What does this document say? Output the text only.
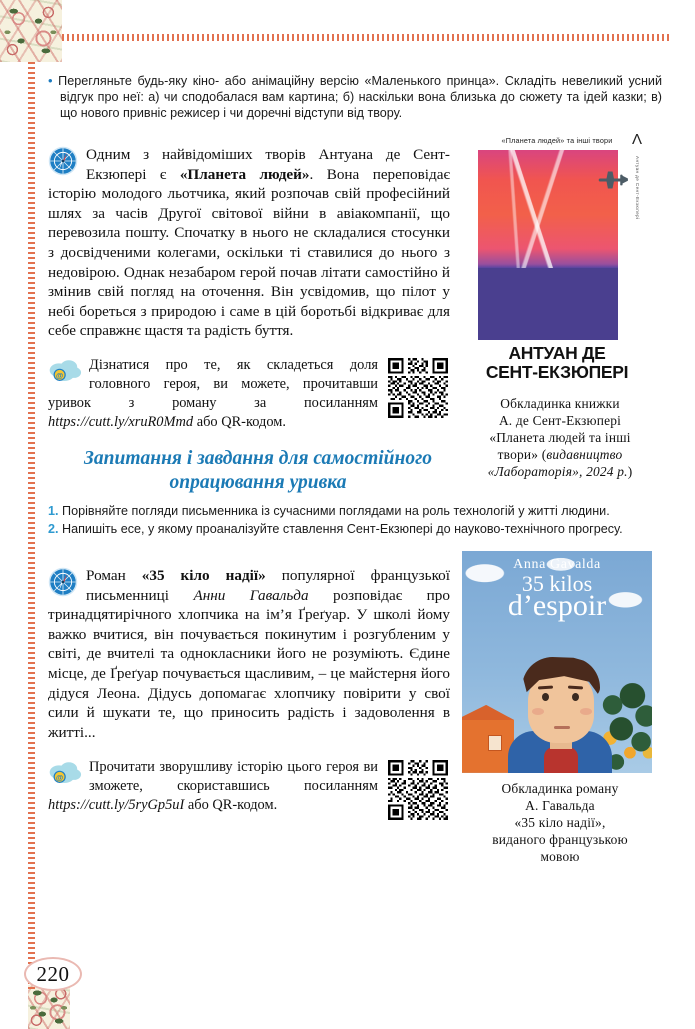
220

• Перегляньте будь-яку кіно- або анімаційну версію «Маленького принца». Складіть невеликий усний відгук про неї: а) чи сподобалася вам картина; б) наскільки вона близька до сюжету та ідей казки; в) що нового привніс режисер і чи доречні відступи від твору.

Одним з найвідоміших творів Антуана де Сент-Екзюпері є «Планета людей». Вона переповідає історію молодого льотчика, який розпочав свій професійний шлях за часів Другої світової війни в авіакомпанії, що перевозила пошту. Спочатку в нього не складалися стосунки з досвідченими колегами, оскільки ті ставилися до нього з недовірою. Однак незабаром герой почав літати самостійно й змінив свій погляд на оточення. Він усвідомив, що пілот у небі бореться з природою і саме в цій боротьбі відкриває для себе справжнє щастя та радість буття.

@
Дізнатися про те, як складеться доля головного героя, ви можете, прочитавши уривок з роману за посиланням https://cutt.ly/xruR0Mmd або QR-кодом.

Запитання і завдання для самостійного
опрацювання уривка
Λ
«Планета людей» та інші твори
Антуан де Сент-Екзюпері
АНТУАН ДЕ
СЕНТ-ЕКЗЮПЕРІ
Обкладинка книжки
А. де Сент-Екзюпері
«Планета людей та інші
твори» (видавництво
«Лабораторія», 2024 р.)

1. Порівняйте погляди письменника із сучасними поглядами на роль технологій у житті людини.

2. Напишіть есе, у якому проаналізуйте ставлення Сент-Екзюпері до науково-технічного прогресу.

Роман «35 кіло надії» популярної французької письменниці Анни Гавальда розповідає про тринадцятирічного хлопчика на ім’я Ґреґуар. У школі йому важко вчитися, він почувається покинутим і розгубленим у світі, де вчителі та однокласники його не розуміють. Єдине місце, де Ґреґуар почувається щасливим, – це майстерня його дідуся Леона. Дідусь допомагає хлопчику повірити у свої сили й шукати те, що приносить радість і задоволення в житті...

@
Прочитати зворушливу історію цього героя ви зможете, скориставшись посиланням https://cutt.ly/5ryGp5uI або QR-кодом.

Anna Gavalda
35 kilos
d’espoir
Обкладинка роману
А. Гавальда
«35 кіло надії»,
виданого французькою
мовою
